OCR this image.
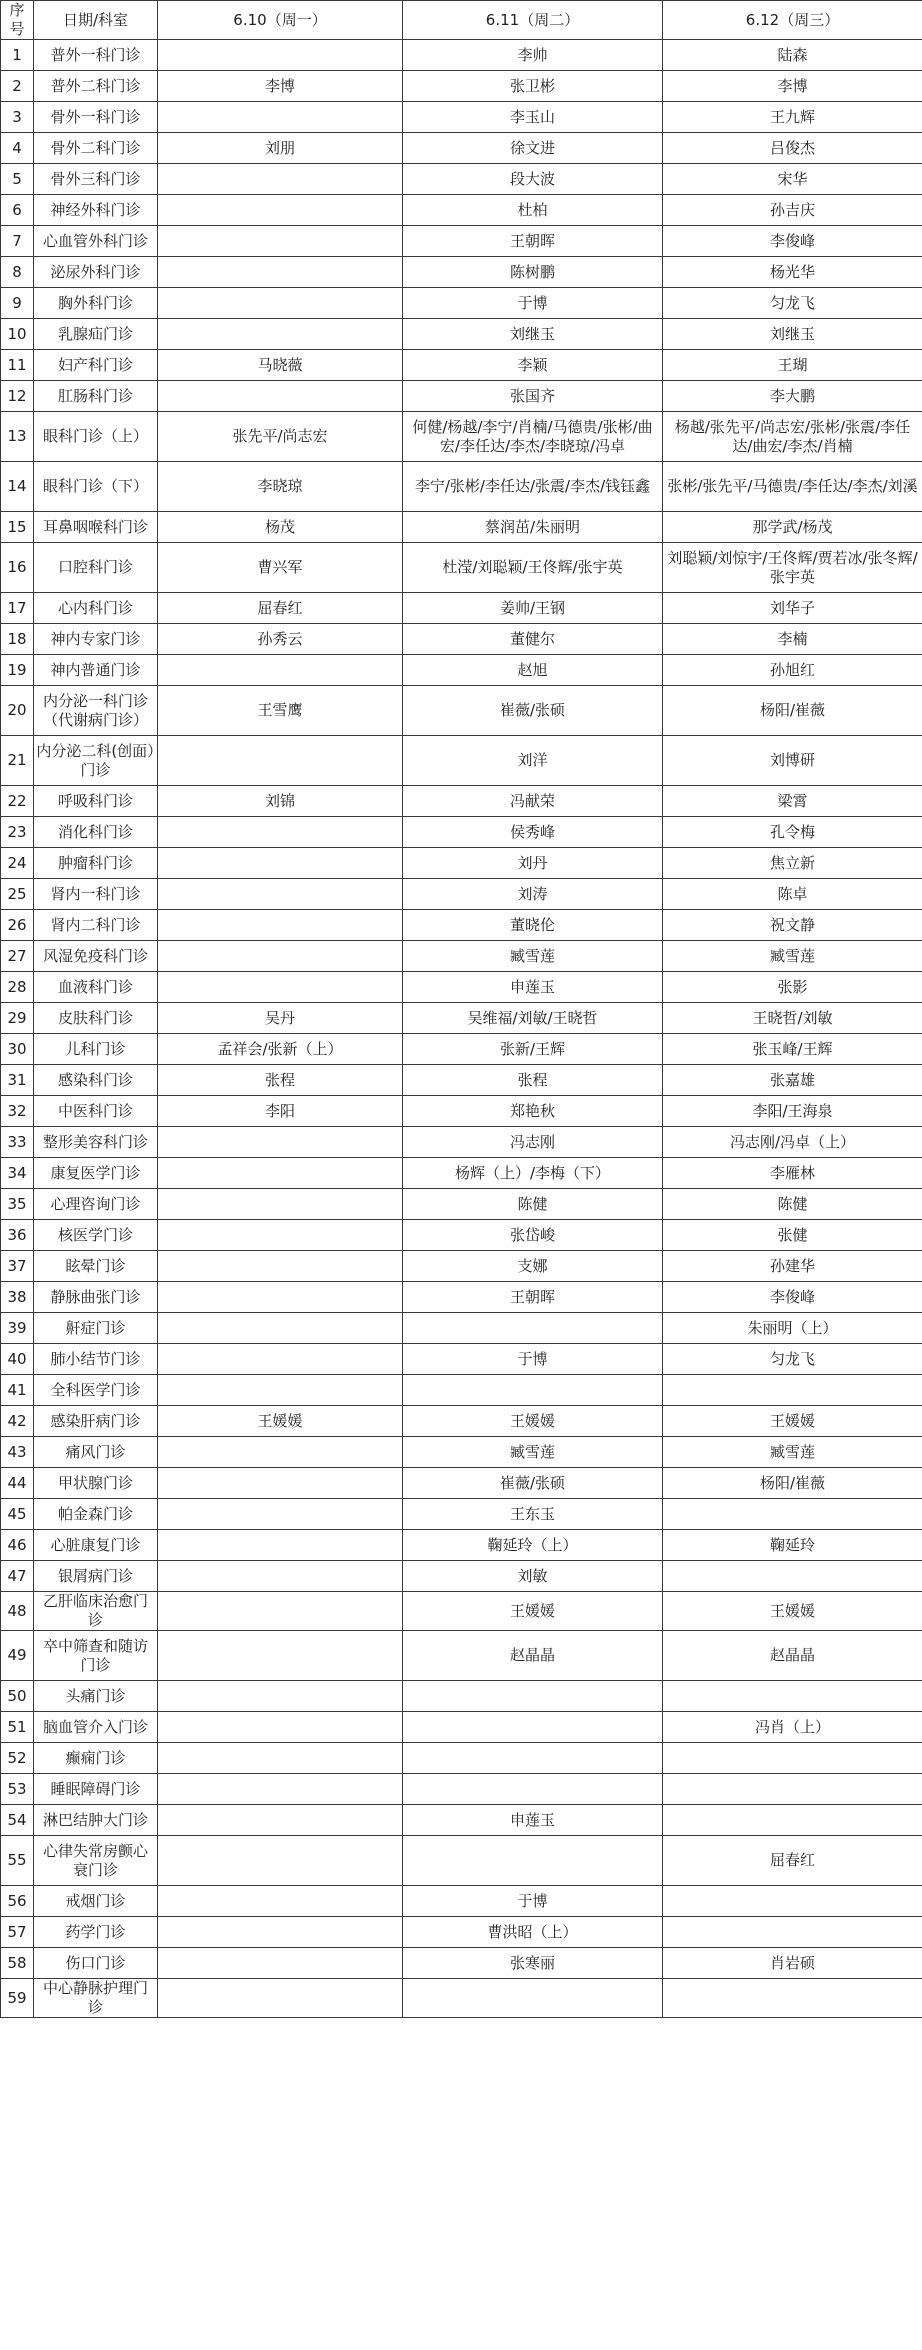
序号	日期/科室	6.10（周一）	6.11（周二）	6.12（周三）
1	普外一科门诊		李帅	陆森
2	普外二科门诊	李博	张卫彬	李博
3	骨外一科门诊		李玉山	王九辉
4	骨外二科门诊	刘朋	徐文进	吕俊杰
5	骨外三科门诊		段大波	宋华
6	神经外科门诊		杜柏	孙吉庆
7	心血管外科门诊		王朝晖	李俊峰
8	泌尿外科门诊		陈树鹏	杨光华
9	胸外科门诊		于博	匀龙飞
10	乳腺疝门诊		刘继玉	刘继玉
11	妇产科门诊	马晓薇	李颖	王瑚
12	肛肠科门诊		张国齐	李大鹏
13	眼科门诊（上）	张先平/尚志宏	何健/杨越/李宁/肖楠/马德贵/张彬/曲宏/李任达/李杰/李晓琼/冯卓	杨越/张先平/尚志宏/张彬/张震/李任达/曲宏/李杰/肖楠
14	眼科门诊（下）	李晓琼	李宁/张彬/李任达/张震/李杰/钱钰鑫	张彬/张先平/马德贵/李任达/李杰/刘溪
15	耳鼻咽喉科门诊	杨茂	蔡润茁/朱丽明	那学武/杨茂
16	口腔科门诊	曹兴军	杜滢/刘聪颖/王佟辉/张宇英	刘聪颖/刘惊宇/王佟辉/贾若冰/张冬辉/张宇英
17	心内科门诊	屈春红	姜帅/王钢	刘华子
18	神内专家门诊	孙秀云	董健尔	李楠
19	神内普通门诊		赵旭	孙旭红
20	内分泌一科门诊（代谢病门诊）	王雪鹰	崔薇/张硕	杨阳/崔薇
21	内分泌二科(创面）门诊		刘洋	刘博研
22	呼吸科门诊	刘锦	冯献荣	梁霄
23	消化科门诊		侯秀峰	孔令梅
24	肿瘤科门诊		刘丹	焦立新
25	肾内一科门诊		刘涛	陈卓
26	肾内二科门诊		董晓伦	祝文静
27	风湿免疫科门诊		臧雪莲	臧雪莲
28	血液科门诊		申莲玉	张影
29	皮肤科门诊	吴丹	吴维福/刘敏/王晓哲	王晓哲/刘敏
30	儿科门诊	孟祥会/张新（上）	张新/王辉	张玉峰/王辉
31	感染科门诊	张程	张程	张嘉雄
32	中医科门诊	李阳	郑艳秋	李阳/王海泉
33	整形美容科门诊		冯志刚	冯志刚/冯卓（上）
34	康复医学门诊		杨辉（上）/李梅（下）	李雁林
35	心理咨询门诊		陈健	陈健
36	核医学门诊		张岱峻	张健
37	眩晕门诊		支娜	孙建华
38	静脉曲张门诊		王朝晖	李俊峰
39	鼾症门诊			朱丽明（上）
40	肺小结节门诊		于博	匀龙飞
41	全科医学门诊			
42	感染肝病门诊	王媛媛	王媛媛	王媛媛
43	痛风门诊		臧雪莲	臧雪莲
44	甲状腺门诊		崔薇/张硕	杨阳/崔薇
45	帕金森门诊		王东玉	
46	心脏康复门诊		鞠延玲（上）	鞠延玲
47	银屑病门诊		刘敏	
48	乙肝临床治愈门诊		王媛媛	王媛媛
49	卒中筛查和随访门诊		赵晶晶	赵晶晶
50	头痛门诊			
51	脑血管介入门诊			冯肖（上）
52	癫痫门诊			
53	睡眠障碍门诊			
54	淋巴结肿大门诊		申莲玉	
55	心律失常房颤心衰门诊			屈春红
56	戒烟门诊		于博	
57	药学门诊		曹洪昭（上）	
58	伤口门诊		张寒丽	肖岩硕
59	中心静脉护理门诊			
